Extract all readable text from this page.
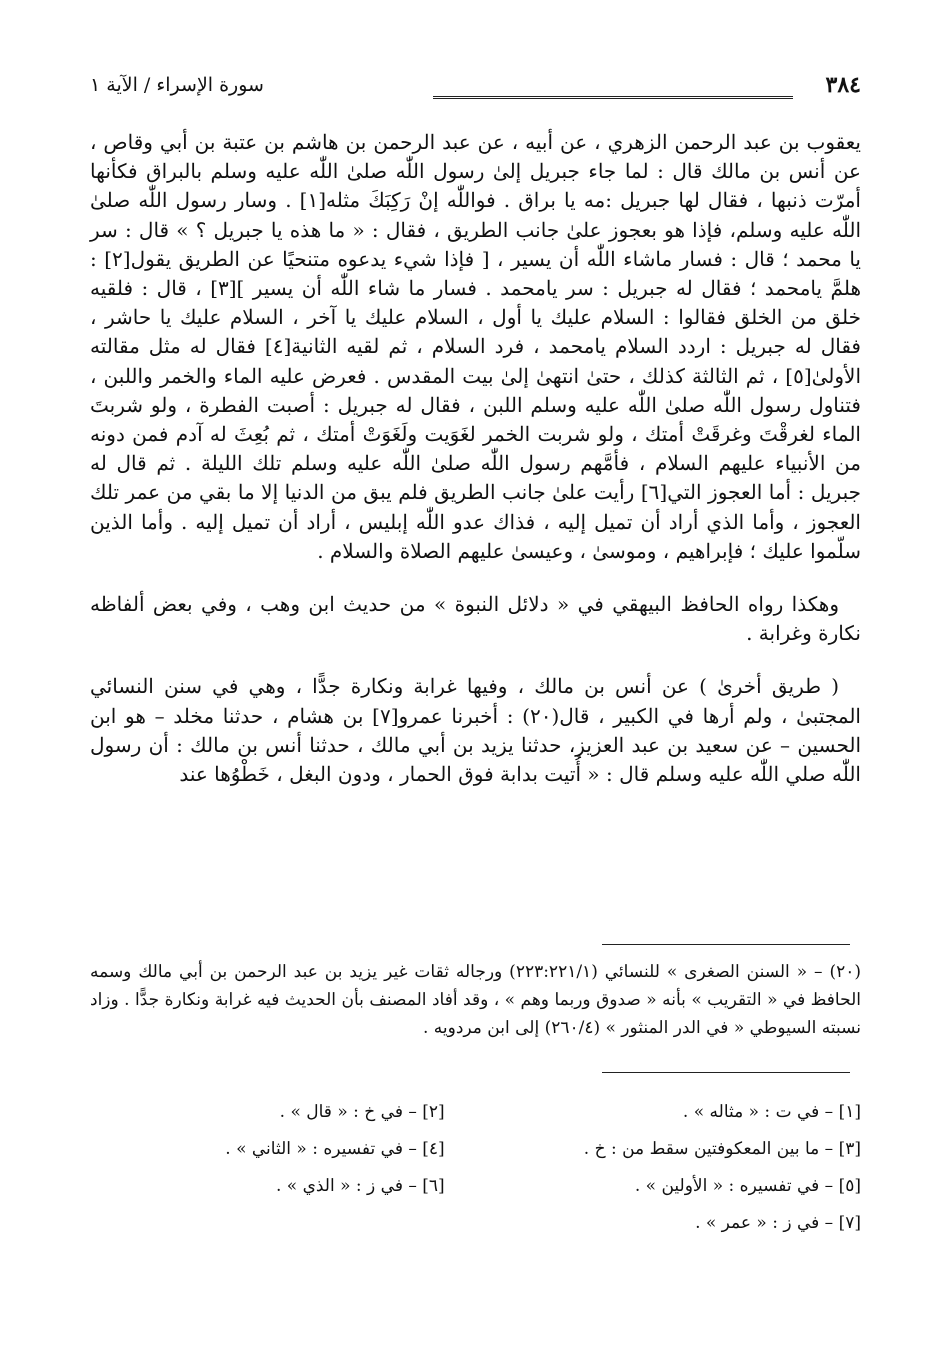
٣٨٤
سورة الإسراء / الآية ١

يعقوب بن عبد الرحمن الزهري ، عن أبيه ، عن عبد الرحمن بن هاشم بن عتبة بن أبي وقاص ، عن أنس بن مالك قال : لما جاء جبريل إلىٰ رسول اللّٰه صلىٰ اللّٰه عليه وسلم بالبراق فكأنها أمرّت ذنبها ، فقال لها جبريل :مه يا براق . فواللّٰه إنْ رَكِبَكَ مثله[١] . وسار رسول اللّٰه صلىٰ اللّٰه عليه وسلم، فإذا هو بعجوز علىٰ جانب الطريق ، فقال : « ما هذه يا جبريل ؟ » قال : سر يا محمد ؛ قال : فسار ماشاء اللّٰه أن يسير ، [ فإذا شيء يدعوه متنحيًا عن الطريق يقول[٢] : هلمَّ يامحمد ؛ فقال له جبريل : سر يامحمد . فسار ما شاء اللّٰه أن يسير ][٣] ، قال : فلقيه خلق من الخلق فقالوا : السلام عليك يا أول ، السلام عليك يا آخر ، السلام عليك يا حاشر ، فقال له جبريل : اردد السلام يامحمد ، فرد السلام ، ثم لقيه الثانية[٤] فقال له مثل مقالته الأولىٰ[٥] ، ثم الثالثة كذلك ، حتىٰ انتهىٰ إلىٰ بيت المقدس . فعرض عليه الماء والخمر واللبن ، فتناول رسول اللّٰه صلىٰ اللّٰه عليه وسلم اللبن ، فقال له جبريل : أصبت الفطرة ، ولو شربتَ الماء لغرقْتَ وغرقَتْ أمتك ، ولو شربت الخمر لغَوَيت ولَغَوَتْ أمتك ، ثم بُعِثَ له آدم فمن دونه من الأنبياء عليهم السلام ، فأمَّهم رسول اللّٰه صلىٰ اللّٰه عليه وسلم تلك الليلة . ثم قال له جبريل : أما العجوز التي[٦] رأيت علىٰ جانب الطريق فلم يبق من الدنيا إلا ما بقي من عمر تلك العجوز ، وأما الذي أراد أن تميل إليه ، فذاك عدو اللّٰه إبليس ، أراد أن تميل إليه . وأما الذين سلّموا عليك ؛ فإبراهيم ، وموسىٰ ، وعيسىٰ عليهم الصلاة والسلام .

وهكذا رواه الحافظ البيهقي في « دلائل النبوة » من حديث ابن وهب ، وفي بعض ألفاظه نكارة وغرابة .

( طريق أخرىٰ ) عن أنس بن مالك ، وفيها غرابة ونكارة جدًّا ، وهي في سنن النسائي المجتبىٰ ، ولم أرها في الكبير ، قال(٢٠) : أخبرنا عمرو[٧] بن هشام ، حدثنا مخلد – هو ابن الحسين – عن سعيد بن عبد العزيز، حدثنا يزيد بن أبي مالك ، حدثنا أنس بن مالك : أن رسول اللّٰه صلي اللّٰه عليه وسلم قال : « أُتيت بدابة فوق الحمار ، ودون البغل ، خَطْوُها عند

(٢٠) – « السنن الصغرى » للنسائي (٢٢٣:٢٢١/١) ورجاله ثقات غير يزيد بن عبد الرحمن بن أبي مالك وسمه الحافظ في « التقريب » بأنه « صدوق وربما وهم » ، وقد أفاد المصنف بأن الحديث فيه غرابة ونكارة جدًّا . وزاد نسبته السيوطي « في الدر المنثور » (٢٦٠/٤) إلى ابن مردويه .
[١] – في ت : « مثاله » .
[٢] – في خ : « قال » .
[٣] – ما بين المعكوفتين سقط من : خ .
[٤] – في تفسيره : « الثاني » .
[٥] – في تفسيره : « الأولين » .
[٦] – في ز : « الذي » .
[٧] – في ز : « عمر » .
